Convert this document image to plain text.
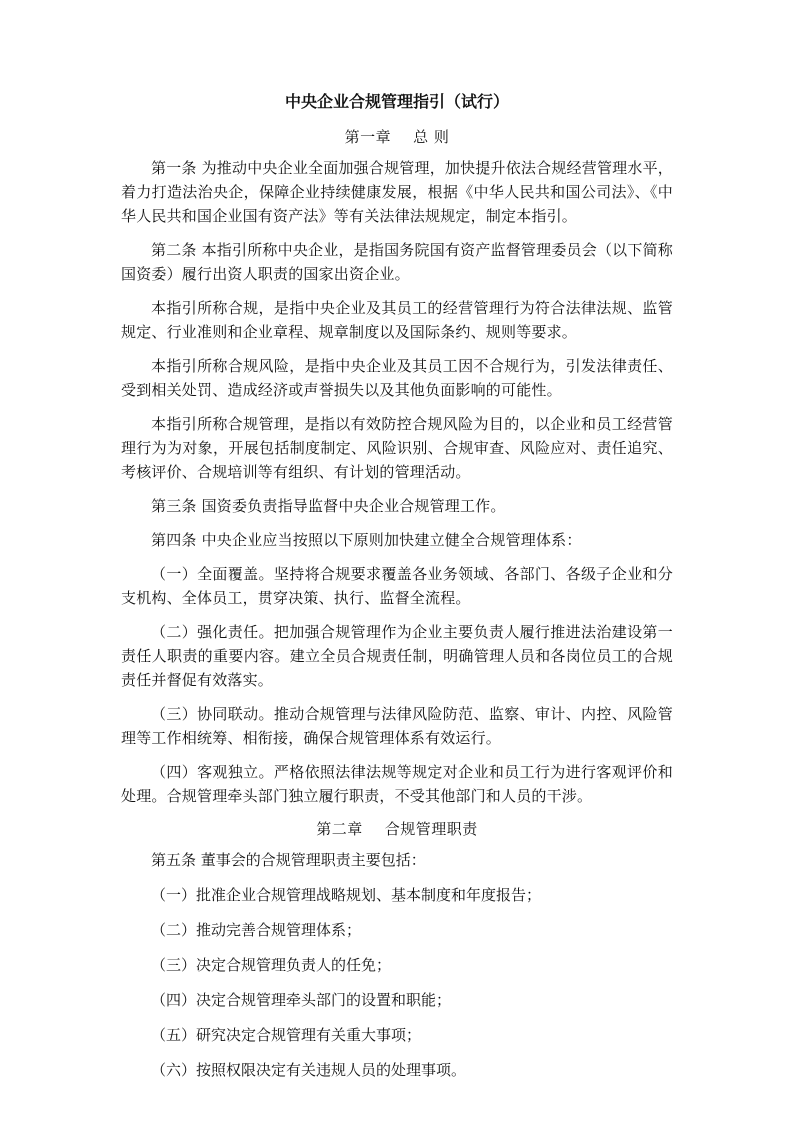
中央企业合规管理指引（试行）
第一章 总 则

第一条 为推动中央企业全面加强合规管理，加快提升依法合规经营管理水平，着力打造法治央企，保障企业持续健康发展，根据《中华人民共和国公司法》、《中华人民共和国企业国有资产法》等有关法律法规规定，制定本指引。

第二条 本指引所称中央企业，是指国务院国有资产监督管理委员会（以下简称国资委）履行出资人职责的国家出资企业。

本指引所称合规，是指中央企业及其员工的经营管理行为符合法律法规、监管规定、行业准则和企业章程、规章制度以及国际条约、规则等要求。

本指引所称合规风险，是指中央企业及其员工因不合规行为，引发法律责任、受到相关处罚、造成经济或声誉损失以及其他负面影响的可能性。

本指引所称合规管理，是指以有效防控合规风险为目的，以企业和员工经营管理行为为对象，开展包括制度制定、风险识别、合规审查、风险应对、责任追究、考核评价、合规培训等有组织、有计划的管理活动。

第三条 国资委负责指导监督中央企业合规管理工作。

第四条 中央企业应当按照以下原则加快建立健全合规管理体系：

（一）全面覆盖。坚持将合规要求覆盖各业务领域、各部门、各级子企业和分支机构、全体员工，贯穿决策、执行、监督全流程。

（二）强化责任。把加强合规管理作为企业主要负责人履行推进法治建设第一责任人职责的重要内容。建立全员合规责任制，明确管理人员和各岗位员工的合规责任并督促有效落实。

（三）协同联动。推动合规管理与法律风险防范、监察、审计、内控、风险管理等工作相统筹、相衔接，确保合规管理体系有效运行。

（四）客观独立。严格依照法律法规等规定对企业和员工行为进行客观评价和处理。合规管理牵头部门独立履行职责，不受其他部门和人员的干涉。

第二章 合规管理职责

第五条 董事会的合规管理职责主要包括：

（一）批准企业合规管理战略规划、基本制度和年度报告；

（二）推动完善合规管理体系；

（三）决定合规管理负责人的任免；

（四）决定合规管理牵头部门的设置和职能；

（五）研究决定合规管理有关重大事项；

（六）按照权限决定有关违规人员的处理事项。
